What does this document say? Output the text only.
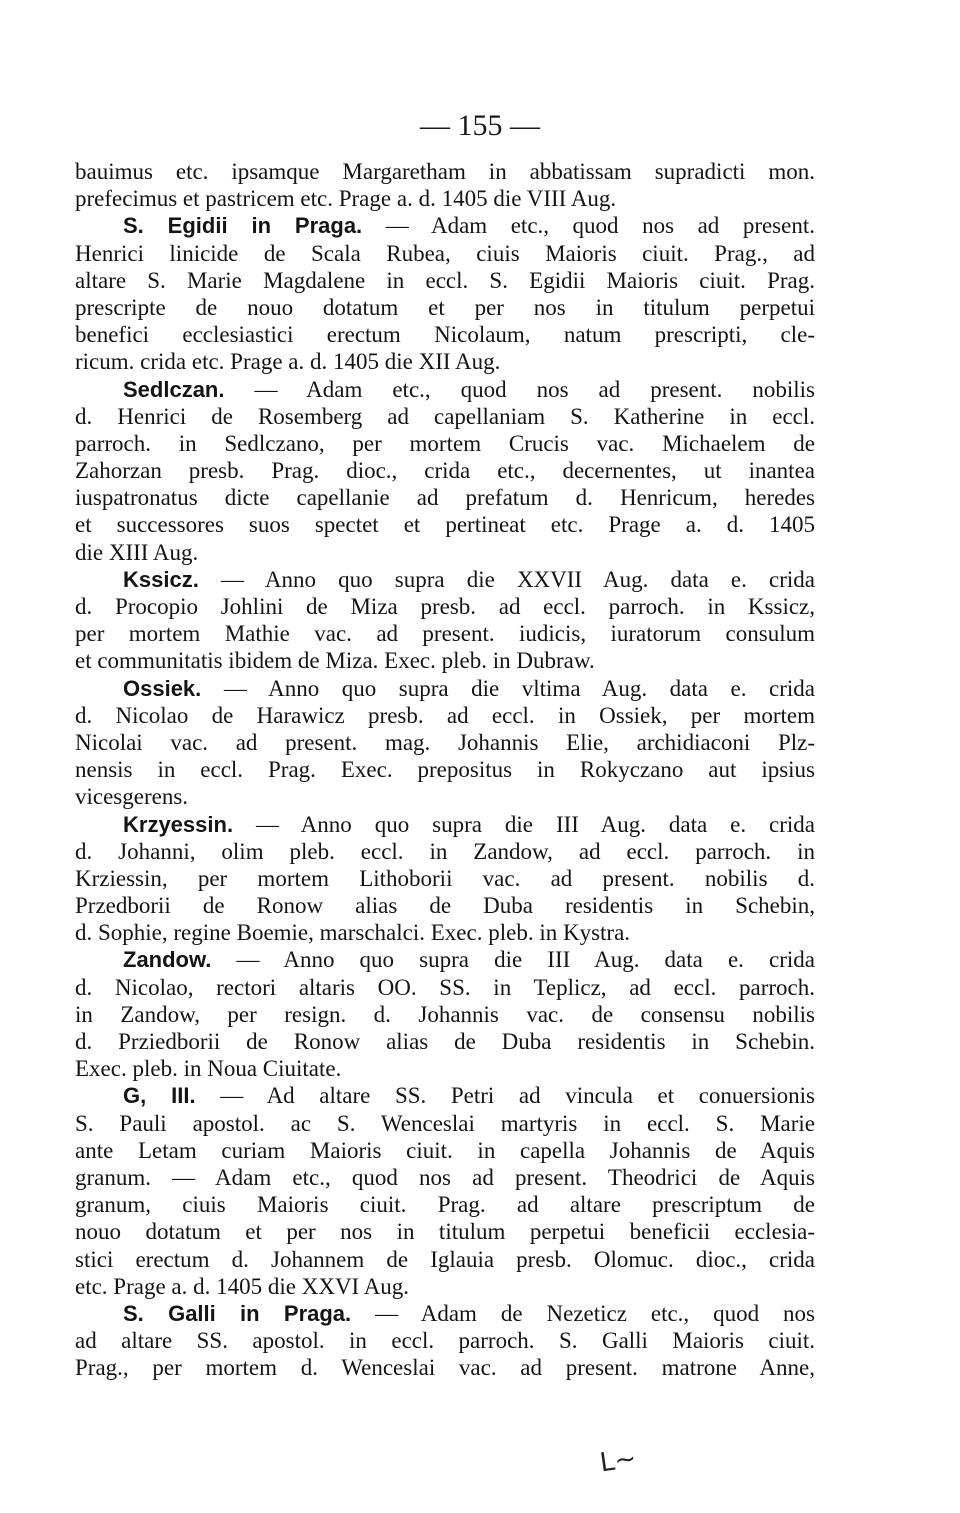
— 155 —
bauimus etc. ipsamque Margaretham in abbatissam supradicti mon.
prefecimus et pastricem etc. Prage a. d. 1405 die VIII Aug.
S. Egidii in Praga. — Adam etc., quod nos ad present.
Henrici linicide de Scala Rubea, ciuis Maioris ciuit. Prag., ad
altare S. Marie Magdalene in eccl. S. Egidii Maioris ciuit. Prag.
prescripte de nouo dotatum et per nos in titulum perpetui
benefici ecclesiastici erectum Nicolaum, natum prescripti, cle-
ricum. crida etc. Prage a. d. 1405 die XII Aug.
Sedlczan. — Adam etc., quod nos ad present. nobilis
d. Henrici de Rosemberg ad capellaniam S. Katherine in eccl.
parroch. in Sedlczano, per mortem Crucis vac. Michaelem de
Zahorzan presb. Prag. dioc., crida etc., decernentes, ut inantea
iuspatronatus dicte capellanie ad prefatum d. Henricum, heredes
et successores suos spectet et pertineat etc. Prage a. d. 1405
die XIII Aug.
Kssicz. — Anno quo supra die XXVII Aug. data e. crida
d. Procopio Johlini de Miza presb. ad eccl. parroch. in Kssicz,
per mortem Mathie vac. ad present. iudicis, iuratorum consulum
et communitatis ibidem de Miza. Exec. pleb. in Dubraw.
Ossiek. — Anno quo supra die vltima Aug. data e. crida
d. Nicolao de Harawicz presb. ad eccl. in Ossiek, per mortem
Nicolai vac. ad present. mag. Johannis Elie, archidiaconi Plz-
nensis in eccl. Prag. Exec. prepositus in Rokyczano aut ipsius
vicesgerens.
Krzyessin. — Anno quo supra die III Aug. data e. crida
d. Johanni, olim pleb. eccl. in Zandow, ad eccl. parroch. in
Krziessin, per mortem Lithoborii vac. ad present. nobilis d.
Przedborii de Ronow alias de Duba residentis in Schebin,
d. Sophie, regine Boemie, marschalci. Exec. pleb. in Kystra.
Zandow. — Anno quo supra die III Aug. data e. crida
d. Nicolao, rectori altaris OO. SS. in Teplicz, ad eccl. parroch.
in Zandow, per resign. d. Johannis vac. de consensu nobilis
d. Prziedborii de Ronow alias de Duba residentis in Schebin.
Exec. pleb. in Noua Ciuitate.
G, III. — Ad altare SS. Petri ad vincula et conuersionis
S. Pauli apostol. ac S. Wenceslai martyris in eccl. S. Marie
ante Letam curiam Maioris ciuit. in capella Johannis de Aquis
granum. — Adam etc., quod nos ad present. Theodrici de Aquis
granum, ciuis Maioris ciuit. Prag. ad altare prescriptum de
nouo dotatum et per nos in titulum perpetui beneficii ecclesia-
stici erectum d. Johannem de Iglauia presb. Olomuc. dioc., crida
etc. Prage a. d. 1405 die XXVI Aug.
S. Galli in Praga. — Adam de Nezeticz etc., quod nos
ad altare SS. apostol. in eccl. parroch. S. Galli Maioris ciuit.
Prag., per mortem d. Wenceslai vac. ad present. matrone Anne,
ᒪ~
